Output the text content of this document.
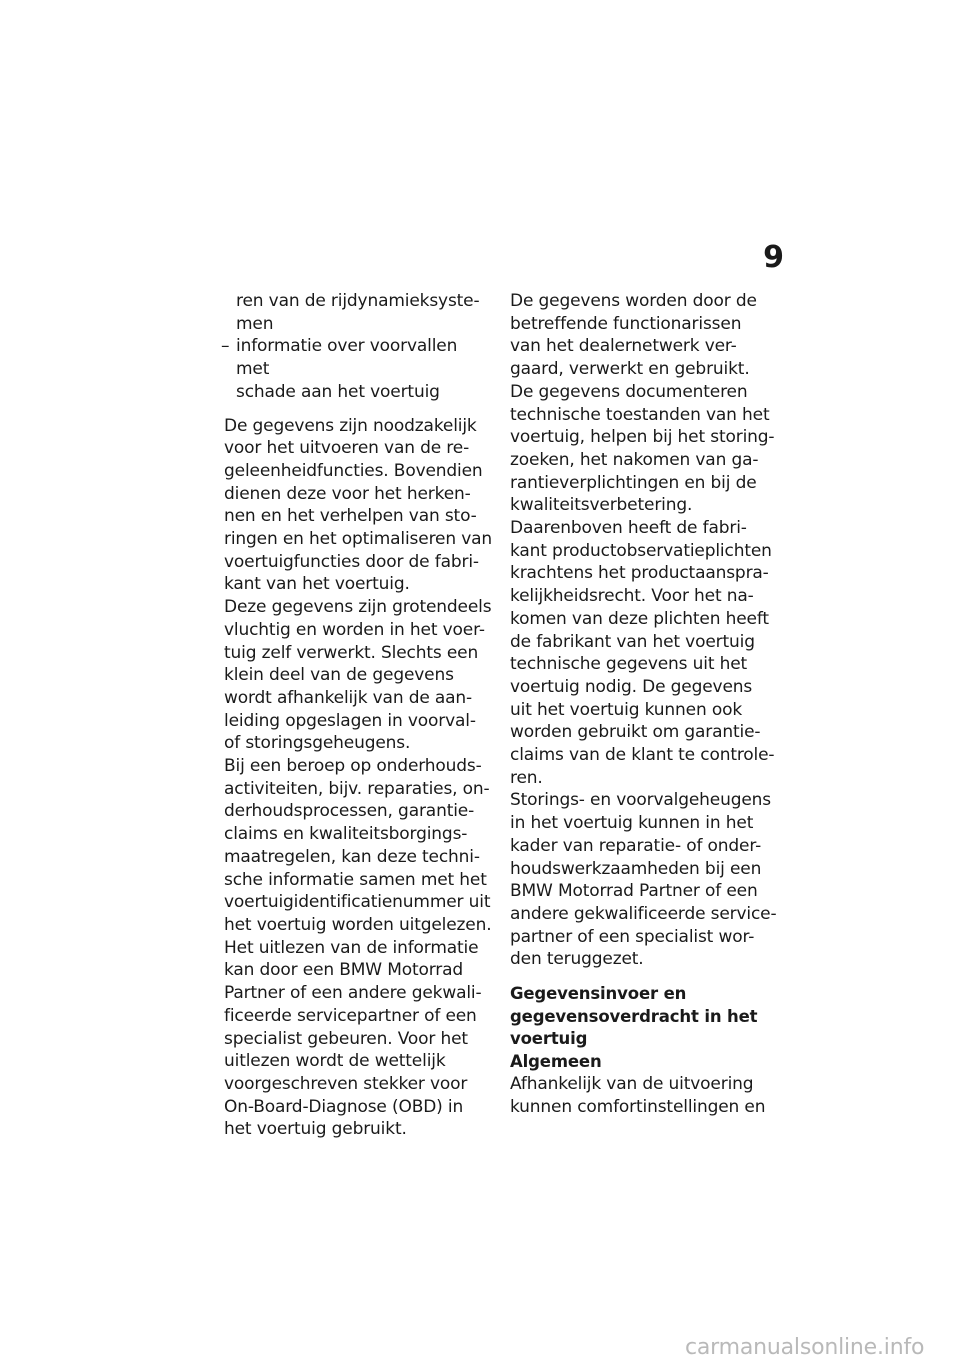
9

ren van de rijdynamieksyste-
men

– informatie over voorvallen met
schade aan het voertuig

De gegevens zijn noodzakelijk
voor het uitvoeren van de re-
geleenheidfuncties. Bovendien
dienen deze voor het herken-
nen en het verhelpen van sto-
ringen en het optimaliseren van
voertuigfuncties door de fabri-
kant van het voertuig.

Deze gegevens zijn grotendeels
vluchtig en worden in het voer-
tuig zelf verwerkt. Slechts een
klein deel van de gegevens
wordt afhankelijk van de aan-
leiding opgeslagen in voorval-
of storingsgeheugens.

Bij een beroep op onderhouds-
activiteiten, bijv. reparaties, on-
derhoudsprocessen, garantie-
claims en kwaliteitsborgings-
maatregelen, kan deze techni-
sche informatie samen met het
voertuigidentificatienummer uit
het voertuig worden uitgelezen.

Het uitlezen van de informatie
kan door een BMW Motorrad
Partner of een andere gekwali-
ficeerde servicepartner of een
specialist gebeuren. Voor het
uitlezen wordt de wettelijk
voorgeschreven stekker voor
On-Board-Diagnose (OBD) in
het voertuig gebruikt.

De gegevens worden door de
betreffende functionarissen
van het dealernetwerk ver-
gaard, verwerkt en gebruikt.

De gegevens documenteren
technische toestanden van het
voertuig, helpen bij het storing-
zoeken, het nakomen van ga-
rantieverplichtingen en bij de
kwaliteitsverbetering.

Daarenboven heeft de fabri-
kant productobservatieplichten
krachtens het productaanspra-
kelijkheidsrecht. Voor het na-
komen van deze plichten heeft
de fabrikant van het voertuig
technische gegevens uit het
voertuig nodig. De gegevens
uit het voertuig kunnen ook
worden gebruikt om garantie-
claims van de klant te controle-
ren.

Storings- en voorvalgeheugens
in het voertuig kunnen in het
kader van reparatie- of onder-
houdswerkzaamheden bij een
BMW Motorrad Partner of een
andere gekwalificeerde service-
partner of een specialist wor-
den teruggezet.

Gegevensinvoer en
gegevensoverdracht in het
voertuig

Algemeen

Afhankelijk van de uitvoering
kunnen comfortinstellingen en

carmanualsonline.info
